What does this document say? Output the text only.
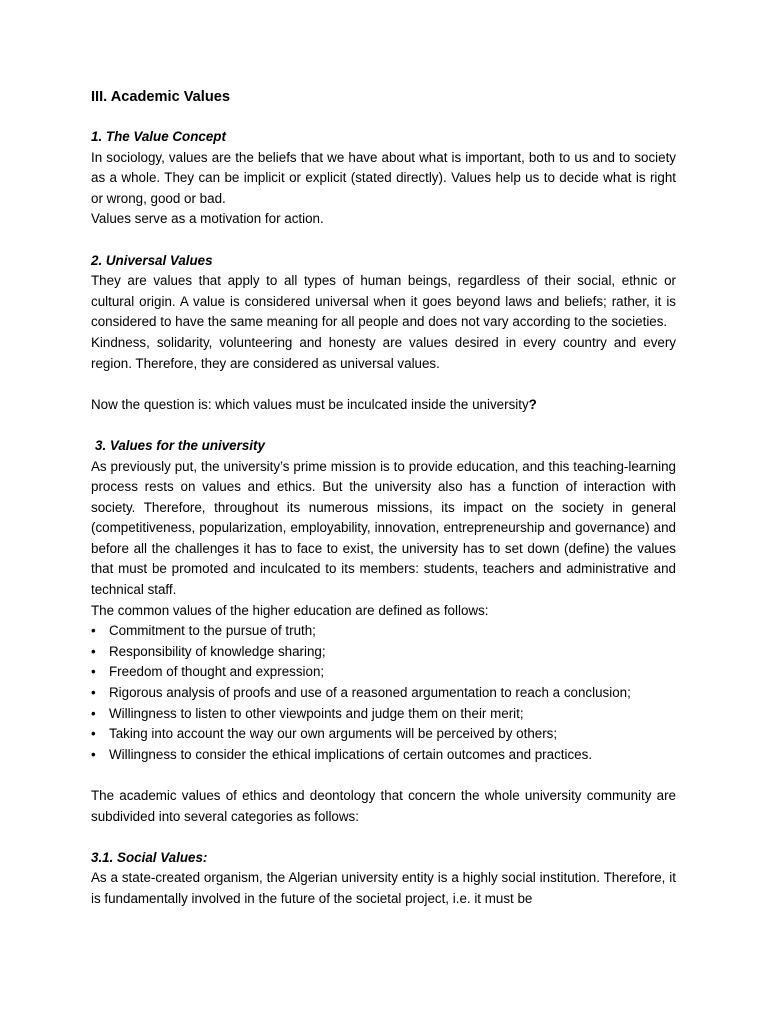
III. Academic Values
1. The Value Concept

In sociology, values are the beliefs that we have about what is important, both to us and to society as a whole. They can be implicit or explicit (stated directly). Values help us to decide what is right or wrong, good or bad.

Values serve as a motivation for action.

2. Universal Values

They are values that apply to all types of human beings, regardless of their social, ethnic or cultural origin. A value is considered universal when it goes beyond laws and beliefs; rather, it is considered to have the same meaning for all people and does not vary according to the societies.

Kindness, solidarity, volunteering and honesty are values desired in every country and every region. Therefore, they are considered as universal values.

Now the question is: which values must be inculcated inside the university?

3. Values for the university

As previously put, the university’s prime mission is to provide education, and this teaching-learning process rests on values and ethics. But the university also has a function of interaction with society. Therefore, throughout its numerous missions, its impact on the society in general (competitiveness, popularization, employability, innovation, entrepreneurship and governance) and before all the challenges it has to face to exist, the university has to set down (define) the values that must be promoted and inculcated to its members: students, teachers and administrative and technical staff.

The common values of the higher education are defined as follows:

• Commitment to the pursue of truth;
• Responsibility of knowledge sharing;
• Freedom of thought and expression;
• Rigorous analysis of proofs and use of a reasoned argumentation to reach a conclusion;
• Willingness to listen to other viewpoints and judge them on their merit;
• Taking into account the way our own arguments will be perceived by others;
• Willingness to consider the ethical implications of certain outcomes and practices.

The academic values of ethics and deontology that concern the whole university community are subdivided into several categories as follows:

3.1. Social Values:

As a state-created organism, the Algerian university entity is a highly social institution. Therefore, it is fundamentally involved in the future of the societal project, i.e. it must be
